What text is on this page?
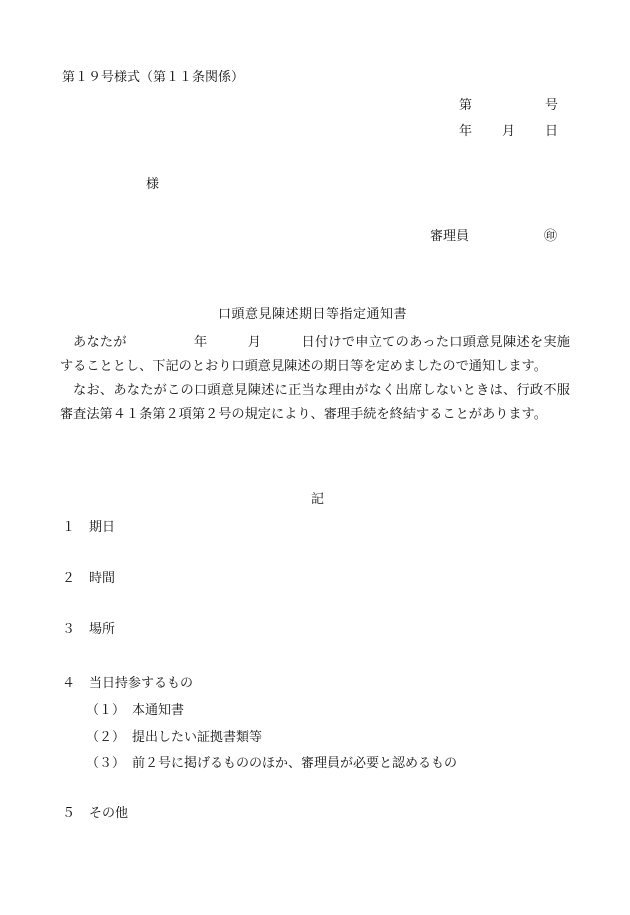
第１９号様式（第１１条関係）
第	号
年 月 日
様
審理員	㊞
口頭意見陳述期日等指定通知書

あなたが　　　　　年　　　月　　　日付けで申立てのあった口頭意見陳述を実施することとし、下記のとおり口頭意見陳述の期日等を定めましたので通知します。

なお、あなたがこの口頭意見陳述に正当な理由がなく出席しないときは、行政不服審査法第４１条第２項第２号の規定により、審理手続を終結することがあります。

記
１ 期日
２ 時間
３ 場所
４ 当日持参するもの
（１） 本通知書
（２） 提出したい証拠書類等
（３） 前２号に掲げるもののほか、審理員が必要と認めるもの
５ その他
